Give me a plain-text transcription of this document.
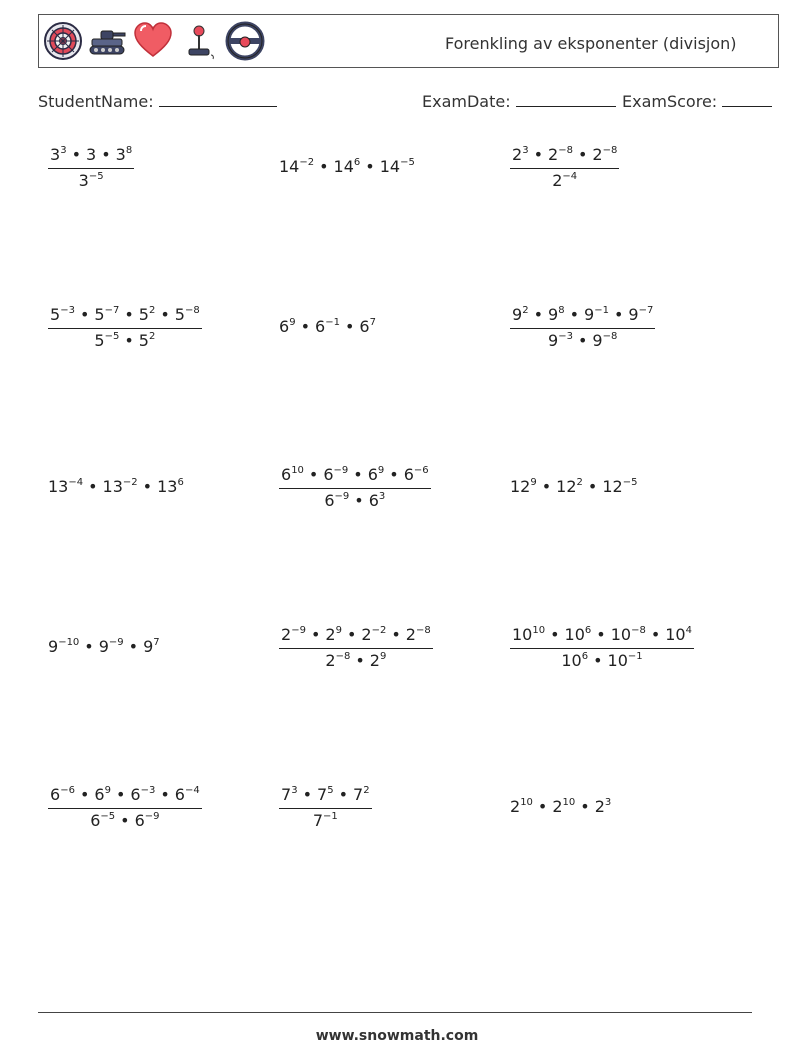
Forenkling av eksponenter (divisjon)
StudentName:	ExamDate:	ExamScore:
$\frac{3^3 • 3 • 3^8}{3^{-5}}$	$14^{-2}$ • $14^6$ • $14^{-5}$	$\frac{2^3 • 2^{-8} • 2^{-8}}{2^{-4}}$
$\frac{5^{-3} • 5^{-7} • 5^2 • 5^{-8}}{5^{-5} • 5^2}$	$6^9$ • $6^{-1}$ • $6^7$	$\frac{9^2 • 9^8 • 9^{-1} • 9^{-7}}{9^{-3} • 9^{-8}}$
$13^{-4}$ • $13^{-2}$ • $13^6$	$\frac{6^{10} • 6^{-9} • 6^9 • 6^{-6}}{6^{-9} • 6^3}$	$12^9$ • $12^2$ • $12^{-5}$
$9^{-10}$ • $9^{-9}$ • $9^7$	$\frac{2^{-9} • 2^9 • 2^{-2} • 2^{-8}}{2^{-8} • 2^9}$	$\frac{10^{10} • 10^6 • 10^{-8} • 10^4}{10^6 • 10^{-1}}$
$\frac{6^{-6} • 6^9 • 6^{-3} • 6^{-4}}{6^{-5} • 6^{-9}}$	$\frac{7^3 • 7^5 • 7^2}{7^{-1}}$	$2^{10}$ • $2^{10}$ • $2^3$
www.snowmath.com
